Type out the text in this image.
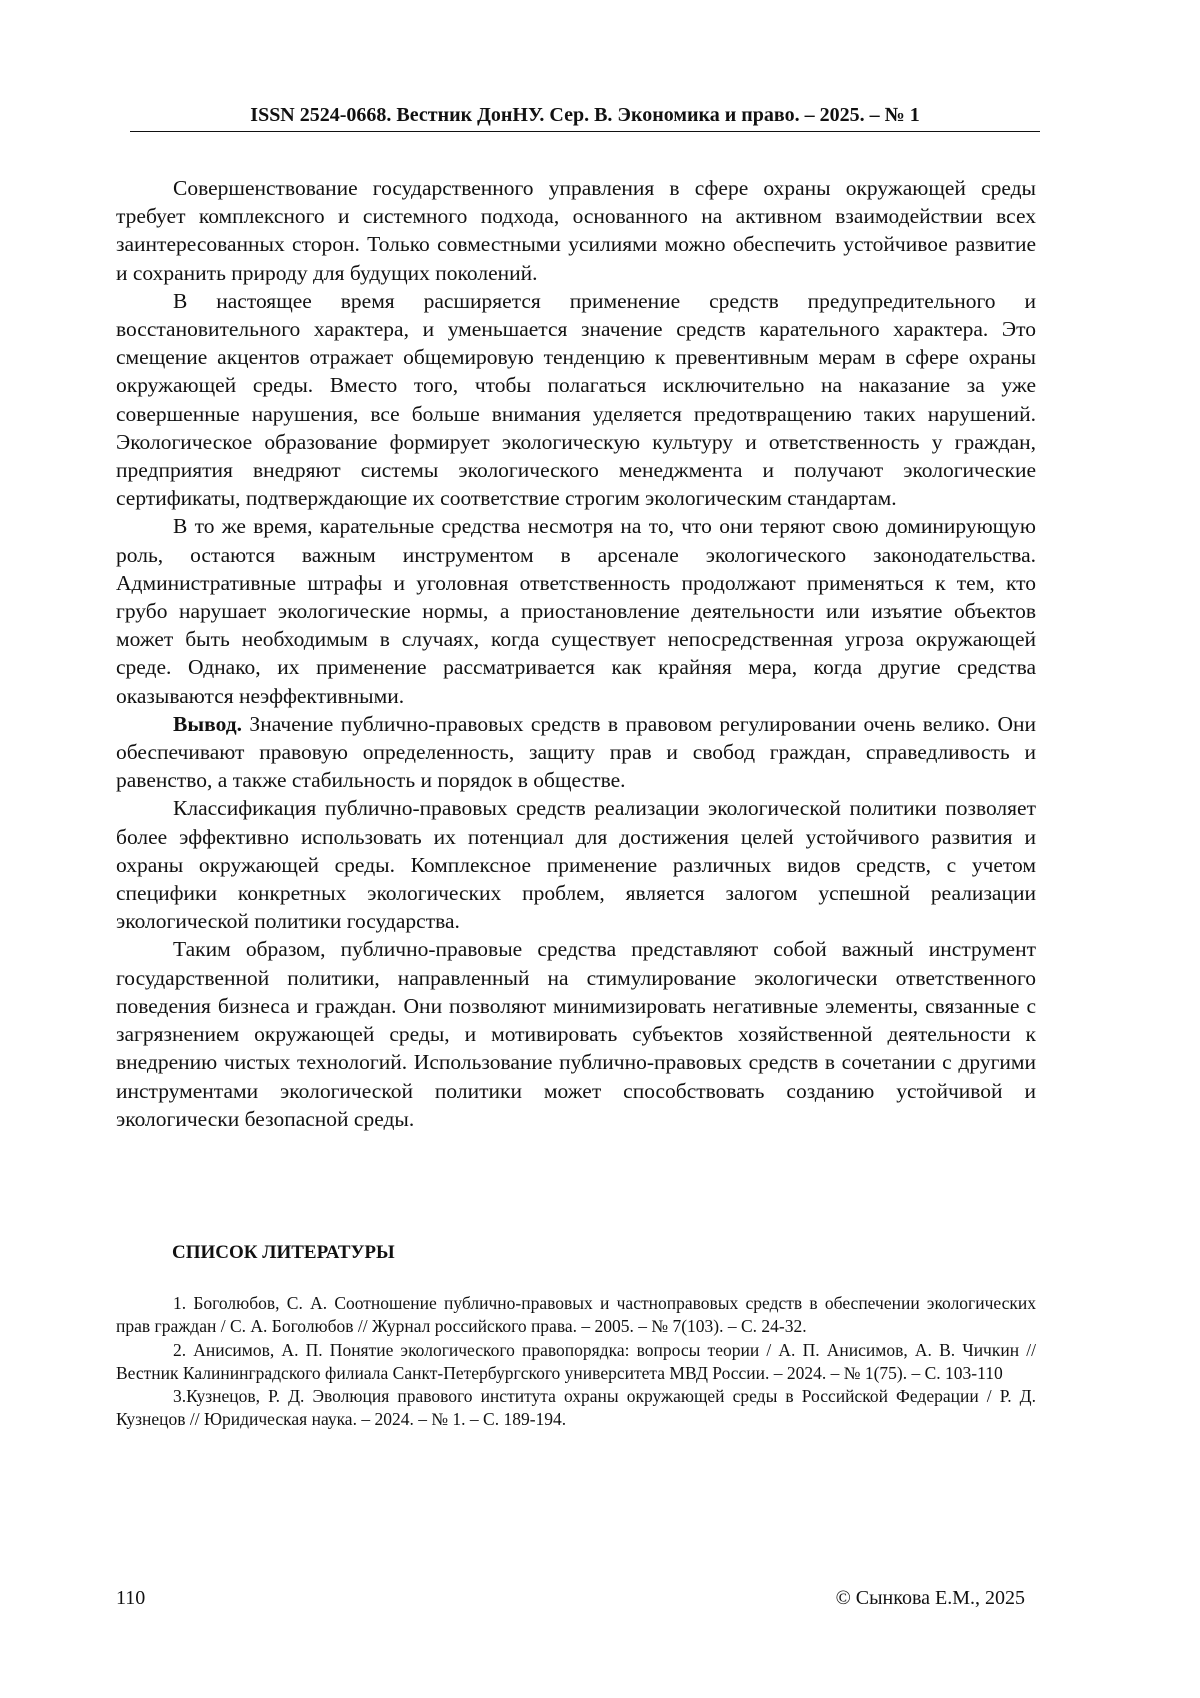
ISSN 2524-0668. Вестник ДонНУ. Сер. В. Экономика и право. – 2025. – № 1

Совершенствование государственного управления в сфере охраны окружающей среды требует комплексного и системного подхода, основанного на активном взаимодействии всех заинтересованных сторон. Только совместными усилиями можно обеспечить устойчивое развитие и сохранить природу для будущих поколений.

В настоящее время расширяется применение средств предупредительного и восстановительного характера, и уменьшается значение средств карательного характера. Это смещение акцентов отражает общемировую тенденцию к превентивным мерам в сфере охраны окружающей среды. Вместо того, чтобы полагаться исключительно на наказание за уже совершенные нарушения, все больше внимания уделяется предотвращению таких нарушений. Экологическое образование формирует экологическую культуру и ответственность у граждан, предприятия внедряют системы экологического менеджмента и получают экологические сертификаты, подтверждающие их соответствие строгим экологическим стандартам.

В то же время, карательные средства несмотря на то, что они теряют свою доминирующую роль, остаются важным инструментом в арсенале экологического законодательства. Административные штрафы и уголовная ответственность продолжают применяться к тем, кто грубо нарушает экологические нормы, а приостановление деятельности или изъятие объектов может быть необходимым в случаях, когда существует непосредственная угроза окружающей среде. Однако, их применение рассматривается как крайняя мера, когда другие средства оказываются неэффективными.

Вывод. Значение публично-правовых средств в правовом регулировании очень велико. Они обеспечивают правовую определенность, защиту прав и свобод граждан, справедливость и равенство, а также стабильность и порядок в обществе.

Классификация публично-правовых средств реализации экологической политики позволяет более эффективно использовать их потенциал для достижения целей устойчивого развития и охраны окружающей среды. Комплексное применение различных видов средств, с учетом специфики конкретных экологических проблем, является залогом успешной реализации экологической политики государства.

Таким образом, публично-правовые средства представляют собой важный инструмент государственной политики, направленный на стимулирование экологически ответственного поведения бизнеса и граждан. Они позволяют минимизировать негативные элементы, связанные с загрязнением окружающей среды, и мотивировать субъектов хозяйственной деятельности к внедрению чистых технологий. Использование публично-правовых средств в сочетании с другими инструментами экологической политики может способствовать созданию устойчивой и экологически безопасной среды.

СПИСОК ЛИТЕРАТУРЫ

1. Боголюбов, С. А. Соотношение публично-правовых и частноправовых средств в обеспечении экологических прав граждан / С. А. Боголюбов // Журнал российского права. – 2005. – № 7(103). – С. 24-32.

2. Анисимов, А. П. Понятие экологического правопорядка: вопросы теории / А. П. Анисимов, А. В. Чичкин // Вестник Калининградского филиала Санкт-Петербургского университета МВД России. – 2024. – № 1(75). – С. 103-110

3.Кузнецов, Р. Д. Эволюция правового института охраны окружающей среды в Российской Федерации / Р. Д. Кузнецов // Юридическая наука. – 2024. – № 1. – С. 189-194.

110	© Сынкова Е.М., 2025
